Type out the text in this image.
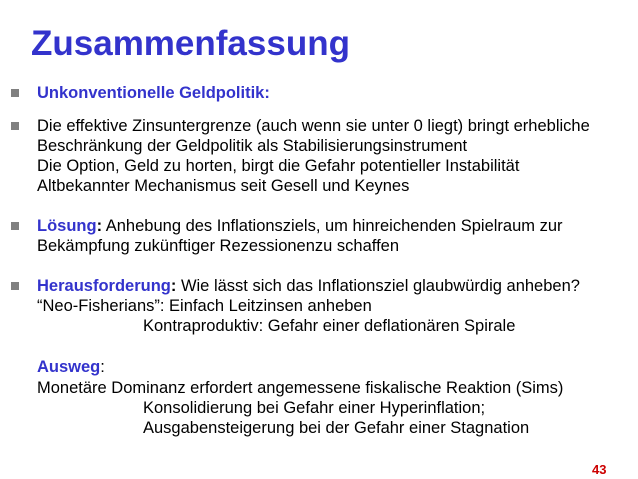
Zusammenfassung
Unkonventionelle Geldpolitik:
Die effektive Zinsuntergrenze (auch wenn sie unter 0 liegt) bringt erhebliche
Beschränkung der Geldpolitik als Stabilisierungsinstrument
Die Option, Geld zu horten, birgt die Gefahr potentieller Instabilität
Altbekannter Mechanismus seit Gesell und Keynes
Lösung: Anhebung des Inflationsziels, um hinreichenden Spielraum zur
Bekämpfung zukünftiger Rezessionenzu schaffen
Herausforderung: Wie lässt sich das Inflationsziel glaubwürdig anheben?
“Neo-Fisherians”: Einfach Leitzinsen anheben
Kontraproduktiv: Gefahr einer deflationären Spirale
Ausweg:
Monetäre Dominanz erfordert angemessene fiskalische Reaktion (Sims)
Konsolidierung bei Gefahr einer Hyperinflation;
Ausgabensteigerung bei der Gefahr einer Stagnation
43
